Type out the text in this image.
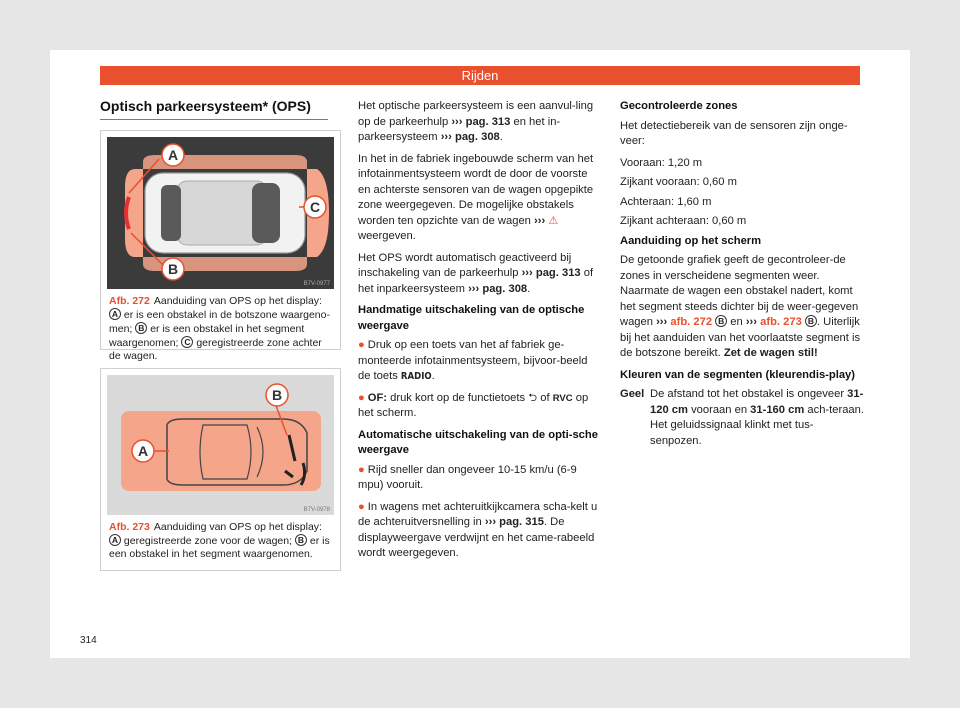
Rijden
Optisch parkeersysteem* (OPS)
A
B
C
B7V-0977
Afb. 272 Aanduiding van OPS op het display: A er is een obstakel in de botszone waargeno-men; B er is een obstakel in het segment waargenomen; C geregistreerde zone achter de wagen.
A
B
B7V-0978
Afb. 273 Aanduiding van OPS op het display: A geregistreerde zone voor de wagen; B er is een obstakel in het segment waargenomen.

Het optische parkeersysteem is een aanvul-ling op de parkeerhulp ››› pag. 313 en het in-parkeersysteem ››› pag. 308.

In het in de fabriek ingebouwde scherm van het infotainmentsysteem wordt de door de voorste en achterste sensoren van de wagen opgepikte zone weergegeven. De mogelijke obstakels worden ten opzichte van de wagen ››› ⚠ weergeven.

Het OPS wordt automatisch geactiveerd bij inschakeling van de parkeerhulp ››› pag. 313 of het inparkeersysteem ››› pag. 308.

Handmatige uitschakeling van de optische weergave

● Druk op een toets van het af fabriek ge-monteerde infotainmentsysteem, bijvoor-beeld de toets RADIO.

● OF: druk kort op de functietoets ⮌ of RVC op het scherm.

Automatische uitschakeling van de opti-sche weergave

● Rijd sneller dan ongeveer 10-15 km/u (6-9 mpu) vooruit.

● In wagens met achteruitkijkcamera scha-kelt u de achteruitversnelling in ››› pag. 315. De displayweergave verdwijnt en het came-rabeeld wordt weergegeven.

Gecontroleerde zones

Het detectiebereik van de sensoren zijn onge-veer:

Vooraan: 1,20 m

Zijkant vooraan: 0,60 m

Achteraan: 1,60 m

Zijkant achteraan: 0,60 m

Aanduiding op het scherm

De getoonde grafiek geeft de gecontroleer-de zones in verscheidene segmenten weer. Naarmate de wagen een obstakel nadert, komt het segment steeds dichter bij de weer-gegeven wagen ››› afb. 272 B en ››› afb. 273 B . Uiterlijk bij het aanduiden van het voorlaatste segment is de botszone bereikt. Zet de wagen stil!

Kleuren van de segmenten (kleurendis-play)

Geel De afstand tot het obstakel is ongeveer 31-120 cm vooraan en 31-160 cm ach-teraan. Het geluidssignaal klinkt met tus-senpozen.
314
